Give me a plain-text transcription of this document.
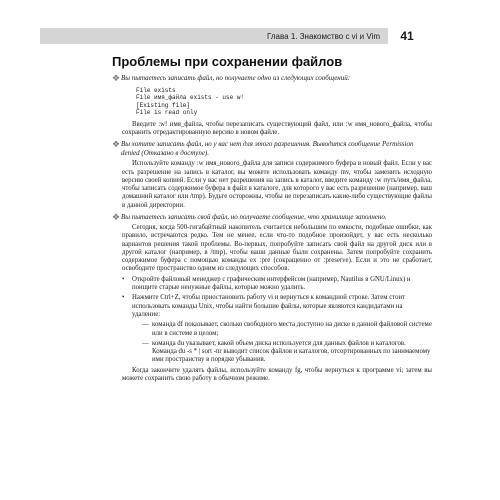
Глава 1. Знакомство с vi и Vim	41
Проблемы при сохранении файлов
❖ Вы пытаетесь записать файл, но получаете одно из следующих сообщений:
File exists
File имя_файла exists - use w!
[Existing file]
File is read only
Введите :w! имя_файла, чтобы перезаписать существующий файл, или :w имя_нового_файла, чтобы сохранить отредактированную версию в новом файле.
❖ Вы хотите записать файл, но у вас нет для этого разрешения. Выводится сообщение Permission denied (Отказано в доступе).
Используйте команду :w имя_нового_файла для записи содержимого буфера в новый файл. Если у вас есть разрешение на запись в каталог, вы можете использовать команду mv, чтобы заменить исходную версию своей копией. Если у вас нет разрешения на запись в каталог, введите команду :w путь/имя_файла, чтобы записать содержимое буфера в файл в каталоге, для которого у вас есть разрешение (например, ваш домашний каталог или /tmp). Будьте осторожны, чтобы не перезаписать какие-либо существующие файлы в данной директории.
❖ Вы пытаетесь записать свой файл, но получаете сообщение, что хранилище заполнено.
Сегодня, когда 500-гигабайтный накопитель считается небольшим по емкости, подобные ошибки, как правило, встречаются редко. Тем не менее, если что-то подобное произойдет, у вас есть несколько вариантов решения такой проблемы. Во-первых, попробуйте записать свой файл на другой диск или в другой каталог (например, в /tmp), чтобы ваши данные были сохранены. Затем попробуйте сохранить содержимое буфера с помощью команды ex :pre (сокращенно от :preserve). Если и это не сработает, освободите пространство одним из следующих способов.
•	Откройте файловый менеджер с графическим интерфейсом (например, Nautilus в GNU/Linux) и поищите старые ненужные файлы, которые можно удалить.
•	Нажмите Ctrl+Z, чтобы приостановить работу vi и вернуться к командной строке. Затем стоит использовать команды Unix, чтобы найти большие файлы, которые являются кандидатами на удаление:
— команда df показывает, сколько свободного места доступно на диске в данной файловой системе или в системе в целом;
— команда du указывает, какой объем диска используется для данных файлов и каталогов. Команда du -s * | sort -nr выводит список файлов и каталогов, отсортированных по занимаемому ими пространству в порядке убывания.
Когда закончите удалять файлы, используйте команду fg, чтобы вернуться к программе vi; затем вы можете сохранить свою работу в обычном режиме.
